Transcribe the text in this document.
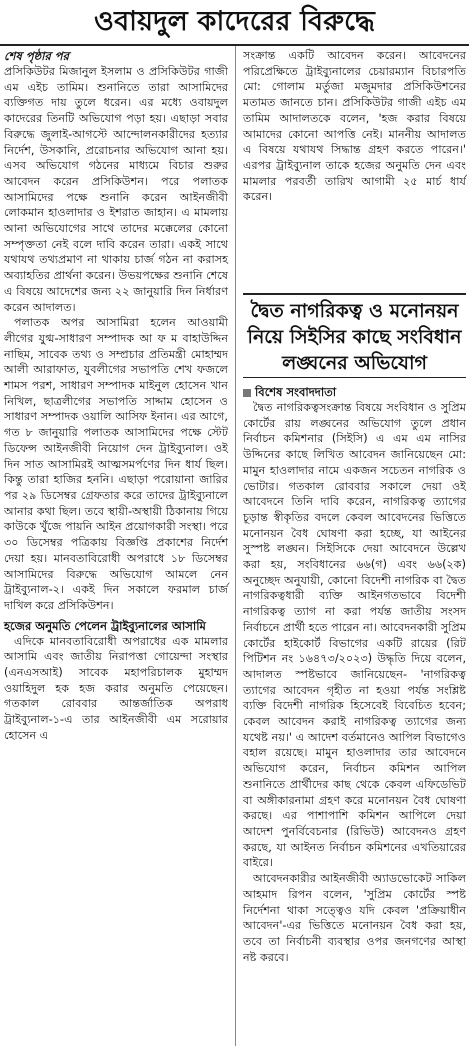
ওবায়দুল কাদেরের বিরুদ্ধে
শেষ পৃষ্ঠার পর

প্রসিকিউটর মিজানুল ইসলাম ও প্রসিকিউটর গাজী এম এইচ তামিম। শুনানিতে তারা আসামিদের ব্যক্তিগত দায় তুলে ধরেন। এর মধ্যে ওবায়দুল কাদেরের তিনটি অভিযোগ পড়া হয়। এছাড়া সবার বিরুদ্ধে জুলাই-আগস্টে আন্দোলনকারীদের হত্যার নির্দেশ, উসকানি, প্ররোচনার অভিযোগ আনা হয়। এসব অভিযোগ গঠনের মাধ্যমে বিচার শুরুর আবেদন করেন প্রসিকিউশন। পরে পলাতক আসামিদের পক্ষে শুনানি করেন আইনজীবী লোকমান হাওলাদার ও ইশরাত জাহান। এ মামলায় আনা অভিযোগের সাথে তাদের মক্কেলের কোনো সম্পৃক্ততা নেই বলে দাবি করেন তারা। একই সাথে যথাযথ তথ্যপ্রমাণ না থাকায় চার্জ গঠন না করাসহ অব্যাহতির প্রার্থনা করেন। উভয়পক্ষের শুনানি শেষে এ বিষয়ে আদেশের জন্য ২২ জানুয়ারি দিন নির্ধারণ করেন আদালত।

পলাতক অপর আসামিরা হলেন আওয়ামী লীগের যুগ্ম-সাধারণ সম্পাদক আ ফ ম বাহাউদ্দিন নাছিম, সাবেক তথ্য ও সম্প্রচার প্রতিমন্ত্রী মোহাম্মদ আলী আরাফাত, যুবলীগের সভাপতি শেখ ফজলে শামস পরশ, সাধারণ সম্পাদক মাইনুল হোসেন খান নিখিল, ছাত্রলীগের সভাপতি সাদ্দাম হোসেন ও সাধারণ সম্পাদক ওয়ালি আসিফ ইনান। এর আগে, গত ৮ জানুয়ারি পলাতক আসামিদের পক্ষে স্টেট ডিফেন্স আইনজীবী নিয়োগ দেন ট্রাইব্যুনাল। ওই দিন সাত আসামিরই আত্মসমর্পণের দিন ধার্য ছিল। কিন্তু তারা হাজির হননি। এছাড়া পরোয়ানা জারির পর ২৯ ডিসেম্বর গ্রেফতার করে তাদের ট্রাইব্যুনালে আনার কথা ছিল। তবে স্থায়ী-অস্থায়ী ঠিকানায় গিয়ে কাউকে খুঁজে পায়নি আইন প্রয়োগকারী সংস্থা। পরে ৩০ ডিসেম্বর পত্রিকায় বিজ্ঞপ্তি প্রকাশের নির্দেশ দেয়া হয়। মানবতাবিরোধী অপরাধে ১৮ ডিসেম্বর আসামিদের বিরুদ্ধে অভিযোগ আমলে নেন ট্রাইব্যুনাল-২। একই দিন সকালে ফরমাল চার্জ দাখিল করে প্রসিকিউশন।

হজের অনুমতি পেলেন ট্রাইব্যুনালের আসামি

এদিকে মানবতাবিরোধী অপরাধের এক মামলার আসামি এবং জাতীয় নিরাপত্তা গোয়েন্দা সংস্থার (এনএসআই) সাবেক মহাপরিচালক মুহাম্মদ ওয়াহিদুল হক হজ করার অনুমতি পেয়েছেন। গতকাল রোববার আন্তর্জাতিক অপরাধ ট্রাইব্যুনাল-১-এ তার আইনজীবী এম সরোয়ার হোসেন এ

সংক্রান্ত একটি আবেদন করেন। আবেদনের পরিপ্রেক্ষিতে ট্রাইব্যুনালের চেয়ারম্যান বিচারপতি মো: গোলাম মর্তুজা মজুমদার প্রসিকিউশনের মতামত জানতে চান। প্রসিকিউটর গাজী এইচ এম তামিম আদালতকে বলেন, 'হজ করার বিষয়ে আমাদের কোনো আপত্তি নেই। মাননীয় আদালত এ বিষয়ে যথাযথ সিদ্ধান্ত গ্রহণ করতে পারেন।' এরপর ট্রাইব্যুনাল তাকে হজের অনুমতি দেন এবং মামলার পরবর্তী তারিখ আগামী ২৫ মার্চ ধার্য করেন।

দ্বৈত নাগরিকত্ব ও মনোনয়ন নিয়ে সিইসির কাছে সংবিধান লঙ্ঘনের অভিযোগ
বিশেষ সংবাদদাতা

দ্বৈত নাগরিকত্বসংক্রান্ত বিষয়ে সংবিধান ও সুপ্রিম কোর্টের রায় লঙ্ঘনের অভিযোগ তুলে প্রধান নির্বাচন কমিশনার (সিইসি) এ এম এম নাসির উদ্দিনের কাছে লিখিত আবেদন জানিয়েছেন মো: মামুন হাওলাদার নামে একজন সচেতন নাগরিক ও ভোটার। গতকাল রোববার সকালে দেয়া ওই আবেদনে তিনি দাবি করেন, নাগরিকত্ব ত্যাগের চূড়ান্ত স্বীকৃতির বদলে কেবল আবেদনের ভিত্তিতে মনোনয়ন বৈধ ঘোষণা করা হচ্ছে, যা আইনের সুস্পষ্ট লঙ্ঘন। সিইসিকে দেয়া আবেদনে উল্লেখ করা হয়, সংবিধানের ৬৬(গ) এবং ৬৬(২ক) অনুচ্ছেদ অনুযায়ী, কোনো বিদেশী নাগরিক বা দ্বৈত নাগরিকত্বধারী ব্যক্তি আইনগতভাবে বিদেশী নাগরিকত্ব ত্যাগ না করা পর্যন্ত জাতীয় সংসদ নির্বাচনে প্রার্থী হতে পারেন না। আবেদনকারী সুপ্রিম কোর্টের হাইকোর্ট বিভাগের একটি রায়ের (রিট পিটিশন নং ১৬৪৭৩/২০২৩) উদ্ধৃতি দিয়ে বলেন, আদালত স্পষ্টভাবে জানিয়েছেন- 'নাগরিকত্ব ত্যাগের আবেদন গৃহীত না হওয়া পর্যন্ত সংশ্লিষ্ট ব্যক্তি বিদেশী নাগরিক হিসেবেই বিবেচিত হবেন; কেবল আবেদন করাই নাগরিকত্ব ত্যাগের জন্য যথেষ্ট নয়।' এ আদেশ বর্তমানেও আপিল বিভাগেও বহাল রয়েছে। মামুন হাওলাদার তার আবেদনে অভিযোগ করেন, নির্বাচন কমিশন আপিল শুনানিতে প্রার্থীদের কাছ থেকে কেবল এফিডেভিট বা অঙ্গীকারনামা গ্রহণ করে মনোনয়ন বৈধ ঘোষণা করছে। এর পাশাপাশি কমিশন আপিলে দেয়া আদেশ পুনর্বিবেচনার (রিভিউ) আবেদনও গ্রহণ করছে, যা আইনত নির্বাচন কমিশনের এখতিয়ারের বাইরে।

আবেদনকারীর আইনজীবী অ্যাডভোকেট সাকিল আহমাদ রিপন বলেন, 'সুপ্রিম কোর্টের স্পষ্ট নির্দেশনা থাকা সত্ত্বেও যদি কেবল 'প্রক্রিয়াধীন আবেদন'-এর ভিত্তিতে মনোনয়ন বৈধ করা হয়, তবে তা নির্বাচনী ব্যবস্থার ওপর জনগণের আস্থা নষ্ট করবে।
